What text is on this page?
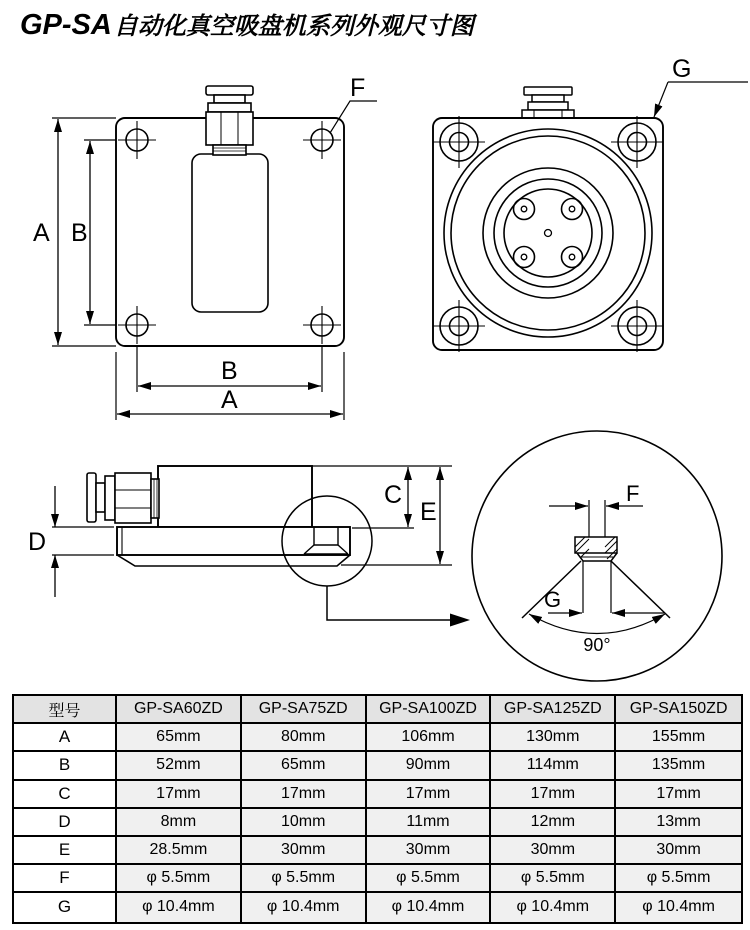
GP-SA自动化真空吸盘机系列外观尺寸图
A B
B
A
F
G
D
C
E
F
G
90°
型号	GP-SA60ZD	GP-SA75ZD	GP-SA100ZD	GP-SA125ZD	GP-SA150ZD
A	65mm	80mm	106mm	130mm	155mm
B	52mm	65mm	90mm	114mm	135mm
C	17mm	17mm	17mm	17mm	17mm
D	8mm	10mm	11mm	12mm	13mm
E	28.5mm	30mm	30mm	30mm	30mm
F	φ 5.5mm	φ 5.5mm	φ 5.5mm	φ 5.5mm	φ 5.5mm
G	φ 10.4mm	φ 10.4mm	φ 10.4mm	φ 10.4mm	φ 10.4mm
